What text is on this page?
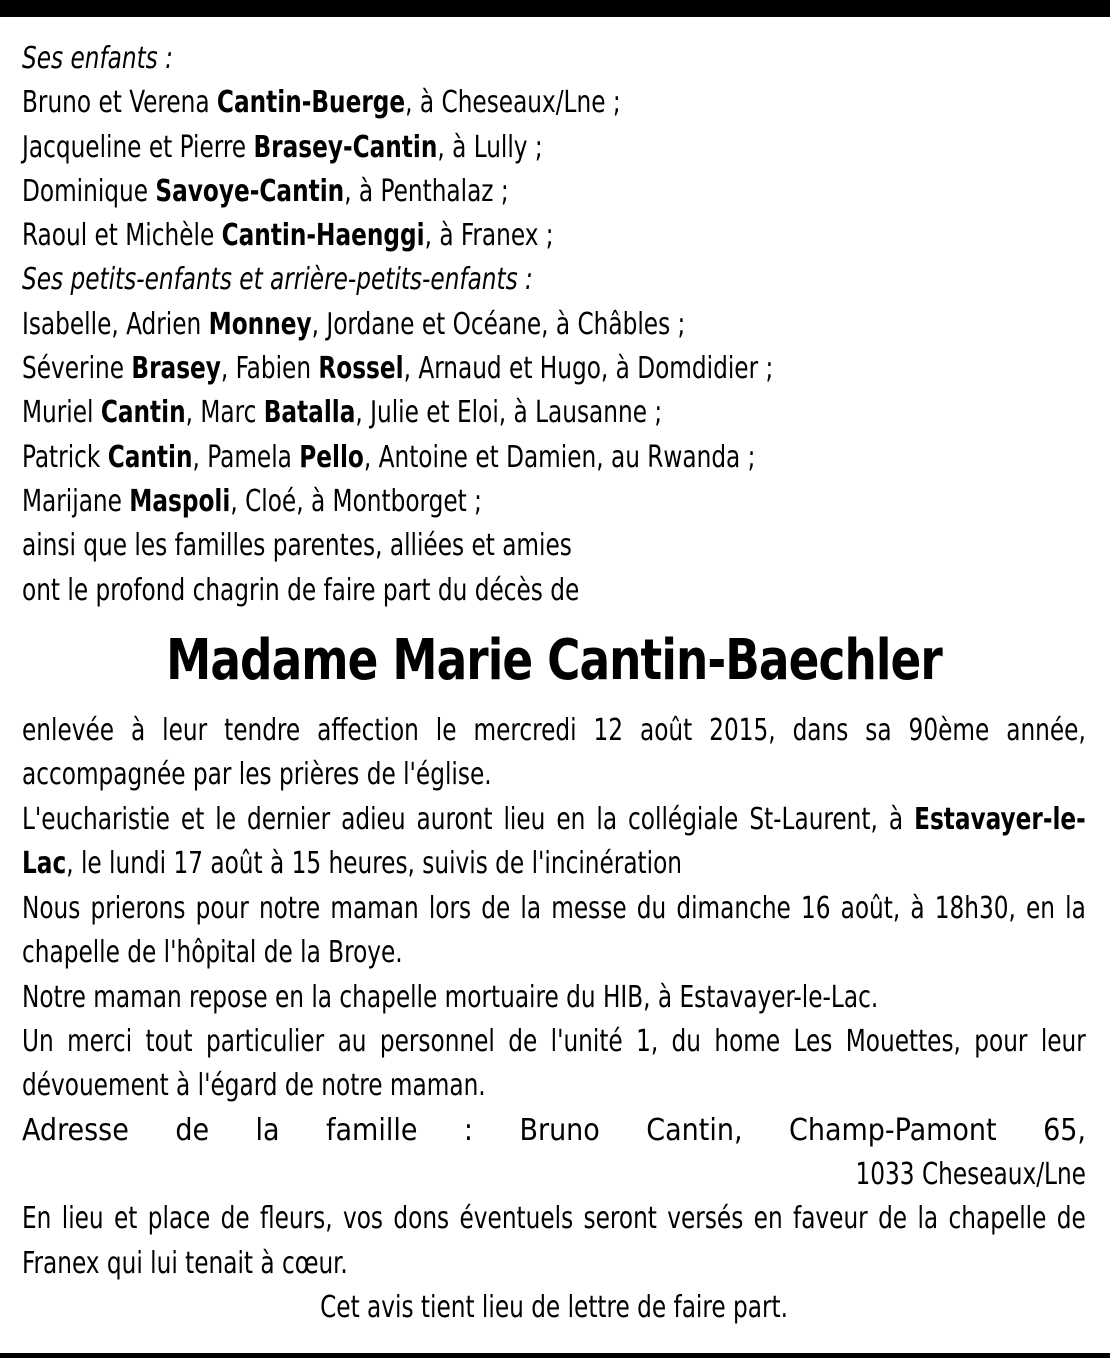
Ses enfants :
Bruno et Verena Cantin-Buerge, à Cheseaux/Lne ;
Jacqueline et Pierre Brasey-Cantin, à Lully ;
Dominique Savoye-Cantin, à Penthalaz ;
Raoul et Michèle Cantin-Haenggi, à Franex ;
Ses petits-enfants et arrière-petits-enfants :
Isabelle, Adrien Monney, Jordane et Océane, à Châbles ;
Séverine Brasey, Fabien Rossel, Arnaud et Hugo, à Domdidier ;
Muriel Cantin, Marc Batalla, Julie et Eloi, à Lausanne ;
Patrick Cantin, Pamela Pello, Antoine et Damien, au Rwanda ;
Marijane Maspoli, Cloé, à Montborget ;
ainsi que les familles parentes, alliées et amies
ont le profond chagrin de faire part du décès de
Madame Marie Cantin-Baechler
enlevée à leur tendre affection le mercredi 12 août 2015, dans sa 90ème année, accompagnée par les prières de l'église.
L'eucharistie et le dernier adieu auront lieu en la collégiale St-Laurent, à Estavayer-le-Lac, le lundi 17 août à 15 heures, suivis de l'incinération
Nous prierons pour notre maman lors de la messe du dimanche 16 août, à 18h30, en la chapelle de l'hôpital de la Broye.
Notre maman repose en la chapelle mortuaire du HIB, à Estavayer-le-Lac.
Un merci tout particulier au personnel de l'unité 1, du home Les Mouettes, pour leur dévouement à l'égard de notre maman.
Adresse de la famille : Bruno Cantin, Champ-Pamont 65,
1033 Cheseaux/Lne
En lieu et place de fleurs, vos dons éventuels seront versés en faveur de la chapelle de Franex qui lui tenait à cœur.
Cet avis tient lieu de lettre de faire part.
